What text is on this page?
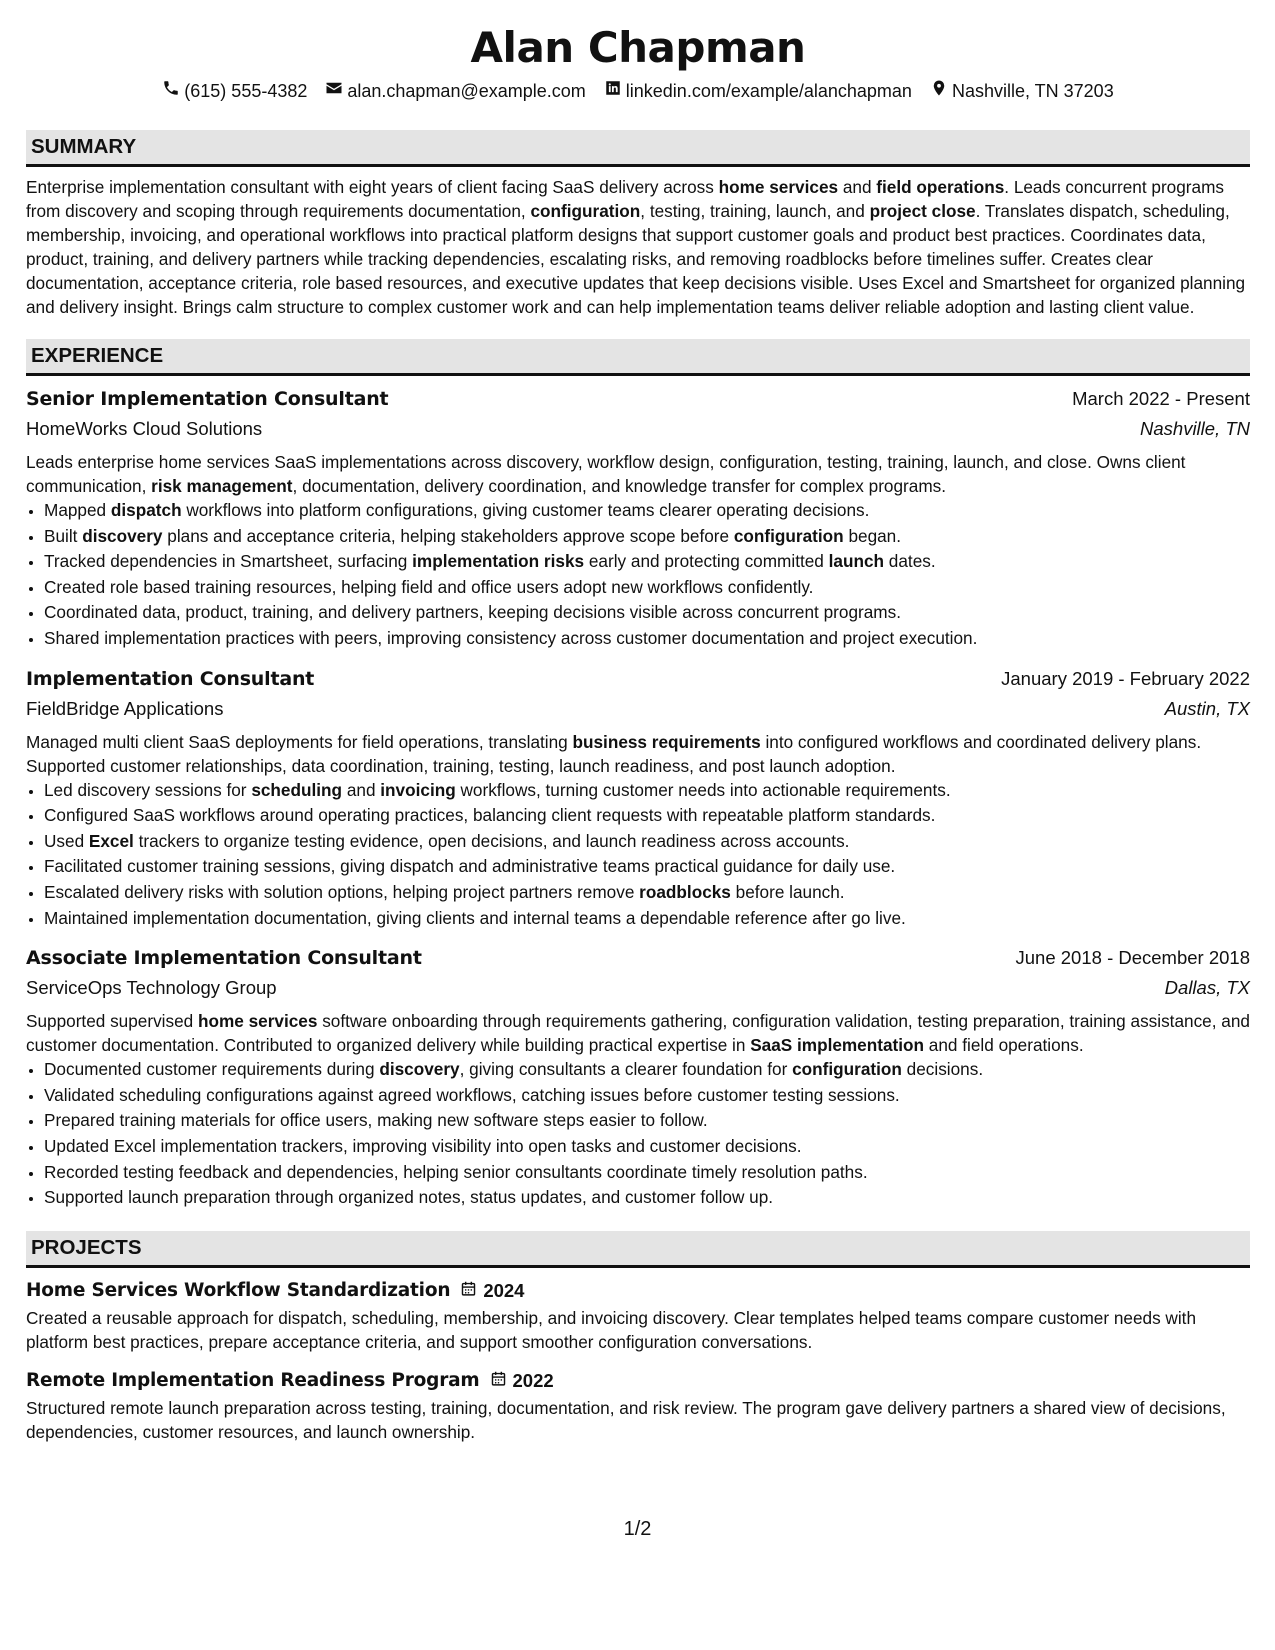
Alan Chapman
(615) 555-4382 alan.chapman@example.com linkedin.com/example/alanchapman Nashville, TN 37203
SUMMARY

Enterprise implementation consultant with eight years of client facing SaaS delivery across home services and field operations. Leads concurrent programs from discovery and scoping through requirements documentation, configuration, testing, training, launch, and project close. Translates dispatch, scheduling, membership, invoicing, and operational workflows into practical platform designs that support customer goals and product best practices. Coordinates data, product, training, and delivery partners while tracking dependencies, escalating risks, and removing roadblocks before timelines suffer. Creates clear documentation, acceptance criteria, role based resources, and executive updates that keep decisions visible. Uses Excel and Smartsheet for organized planning and delivery insight. Brings calm structure to complex customer work and can help implementation teams deliver reliable adoption and lasting client value.

EXPERIENCE
Senior Implementation Consultant	March 2022 - Present
HomeWorks Cloud Solutions	Nashville, TN

Leads enterprise home services SaaS implementations across discovery, workflow design, configuration, testing, training, launch, and close. Owns client communication, risk management, documentation, delivery coordination, and knowledge transfer for complex programs.

• Mapped dispatch workflows into platform configurations, giving customer teams clearer operating decisions.
• Built discovery plans and acceptance criteria, helping stakeholders approve scope before configuration began.
• Tracked dependencies in Smartsheet, surfacing implementation risks early and protecting committed launch dates.
• Created role based training resources, helping field and office users adopt new workflows confidently.
• Coordinated data, product, training, and delivery partners, keeping decisions visible across concurrent programs.
• Shared implementation practices with peers, improving consistency across customer documentation and project execution.
Implementation Consultant	January 2019 - February 2022
FieldBridge Applications	Austin, TX

Managed multi client SaaS deployments for field operations, translating business requirements into configured workflows and coordinated delivery plans. Supported customer relationships, data coordination, training, testing, launch readiness, and post launch adoption.

• Led discovery sessions for scheduling and invoicing workflows, turning customer needs into actionable requirements.
• Configured SaaS workflows around operating practices, balancing client requests with repeatable platform standards.
• Used Excel trackers to organize testing evidence, open decisions, and launch readiness across accounts.
• Facilitated customer training sessions, giving dispatch and administrative teams practical guidance for daily use.
• Escalated delivery risks with solution options, helping project partners remove roadblocks before launch.
• Maintained implementation documentation, giving clients and internal teams a dependable reference after go live.
Associate Implementation Consultant	June 2018 - December 2018
ServiceOps Technology Group	Dallas, TX

Supported supervised home services software onboarding through requirements gathering, configuration validation, testing preparation, training assistance, and customer documentation. Contributed to organized delivery while building practical expertise in SaaS implementation and field operations.

• Documented customer requirements during discovery, giving consultants a clearer foundation for configuration decisions.
• Validated scheduling configurations against agreed workflows, catching issues before customer testing sessions.
• Prepared training materials for office users, making new software steps easier to follow.
• Updated Excel implementation trackers, improving visibility into open tasks and customer decisions.
• Recorded testing feedback and dependencies, helping senior consultants coordinate timely resolution paths.
• Supported launch preparation through organized notes, status updates, and customer follow up.
PROJECTS
Home Services Workflow Standardization 2024

Created a reusable approach for dispatch, scheduling, membership, and invoicing discovery. Clear templates helped teams compare customer needs with platform best practices, prepare acceptance criteria, and support smoother configuration conversations.

Remote Implementation Readiness Program 2022

Structured remote launch preparation across testing, training, documentation, and risk review. The program gave delivery partners a shared view of decisions, dependencies, customer resources, and launch ownership.

1/2
